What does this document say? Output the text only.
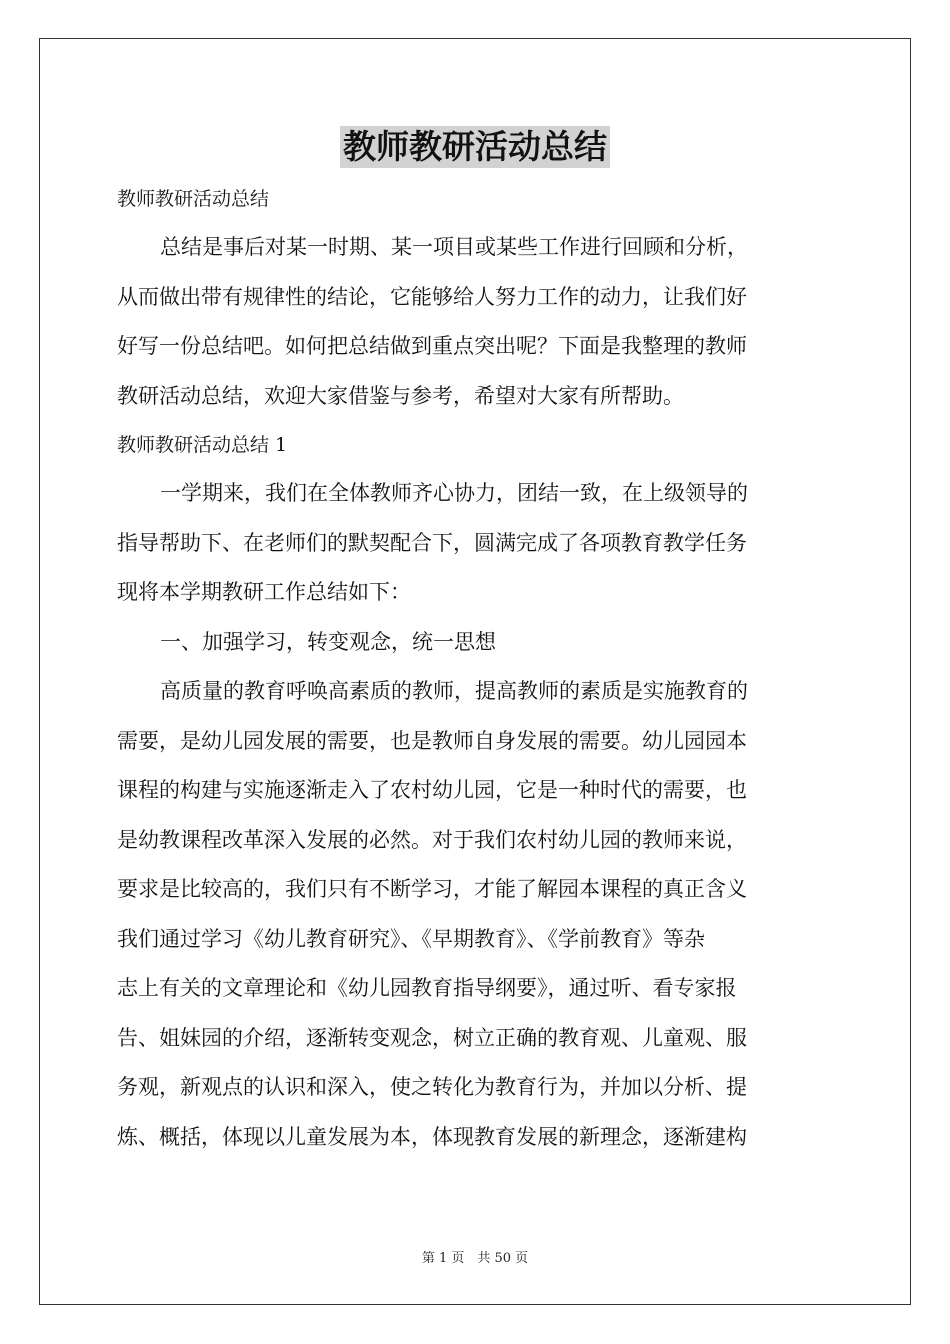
教师教研活动总结

教师教研活动总结

总结是事后对某一时期、某一项目或某些工作进行回顾和分析，
从而做出带有规律性的结论，它能够给人努力工作的动力，让我们好
好写一份总结吧。如何把总结做到重点突出呢？下面是我整理的教师
教研活动总结，欢迎大家借鉴与参考，希望对大家有所帮助。

教师教研活动总结 1

一学期来，我们在全体教师齐心协力，团结一致，在上级领导的
指导帮助下、在老师们的默契配合下，圆满完成了各项教育教学任务
现将本学期教研工作总结如下：

一、加强学习，转变观念，统一思想

高质量的教育呼唤高素质的教师，提高教师的素质是实施教育的
需要，是幼儿园发展的需要，也是教师自身发展的需要。幼儿园园本
课程的构建与实施逐渐走入了农村幼儿园，它是一种时代的需要，也
是幼教课程改革深入发展的必然。对于我们农村幼儿园的教师来说，
要求是比较高的，我们只有不断学习，才能了解园本课程的真正含义
我们通过学习《幼儿教育研究》、《早期教育》、《学前教育》等杂
志上有关的文章理论和《幼儿园教育指导纲要》，通过听、看专家报
告、姐妹园的介绍，逐渐转变观念，树立正确的教育观、儿童观、服
务观，新观点的认识和深入，使之转化为教育行为，并加以分析、提
炼、概括，体现以儿童发展为本，体现教育发展的新理念，逐渐建构

第 1 页　共 50 页
